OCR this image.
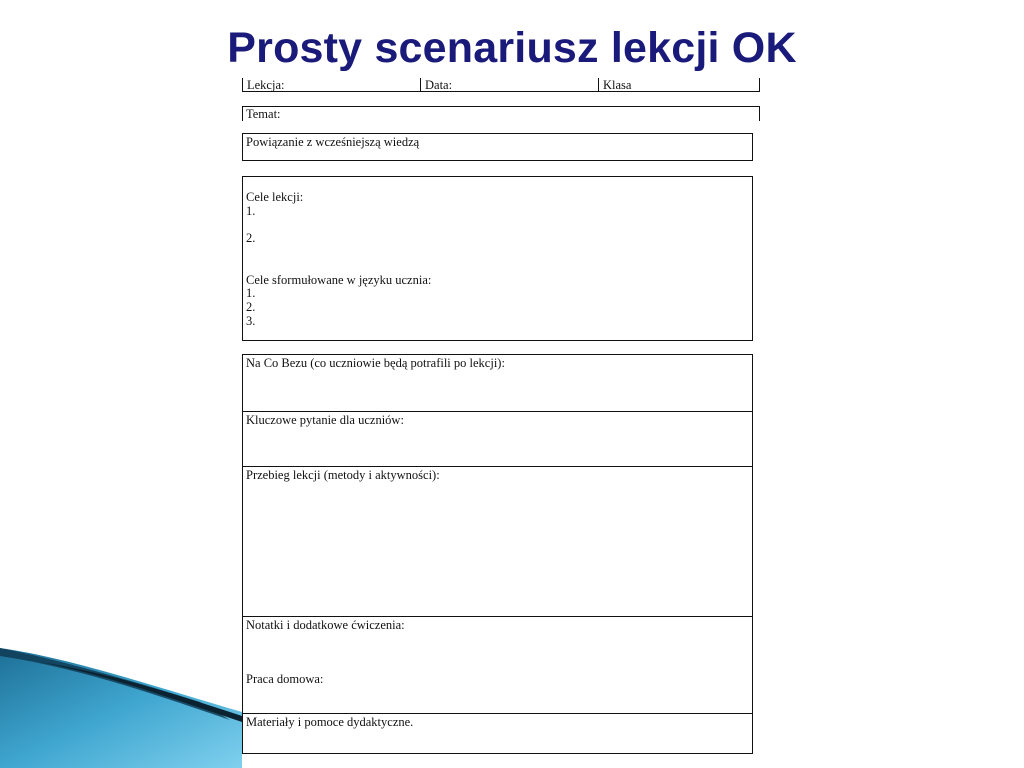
Prosty scenariusz lekcji OK
Lekcja:	Data:	Klasa
Temat:
Powiązanie z wcześniejszą wiedzą
Cele lekcji:
1.
2.
Cele sformułowane w języku ucznia:
1.
2.
3.
Na Co Bezu (co uczniowie będą potrafili po lekcji):
Kluczowe pytanie dla uczniów:
Przebieg lekcji (metody i aktywności):
Notatki i dodatkowe ćwiczenia:
Praca domowa:
Materiały i pomoce dydaktyczne.
